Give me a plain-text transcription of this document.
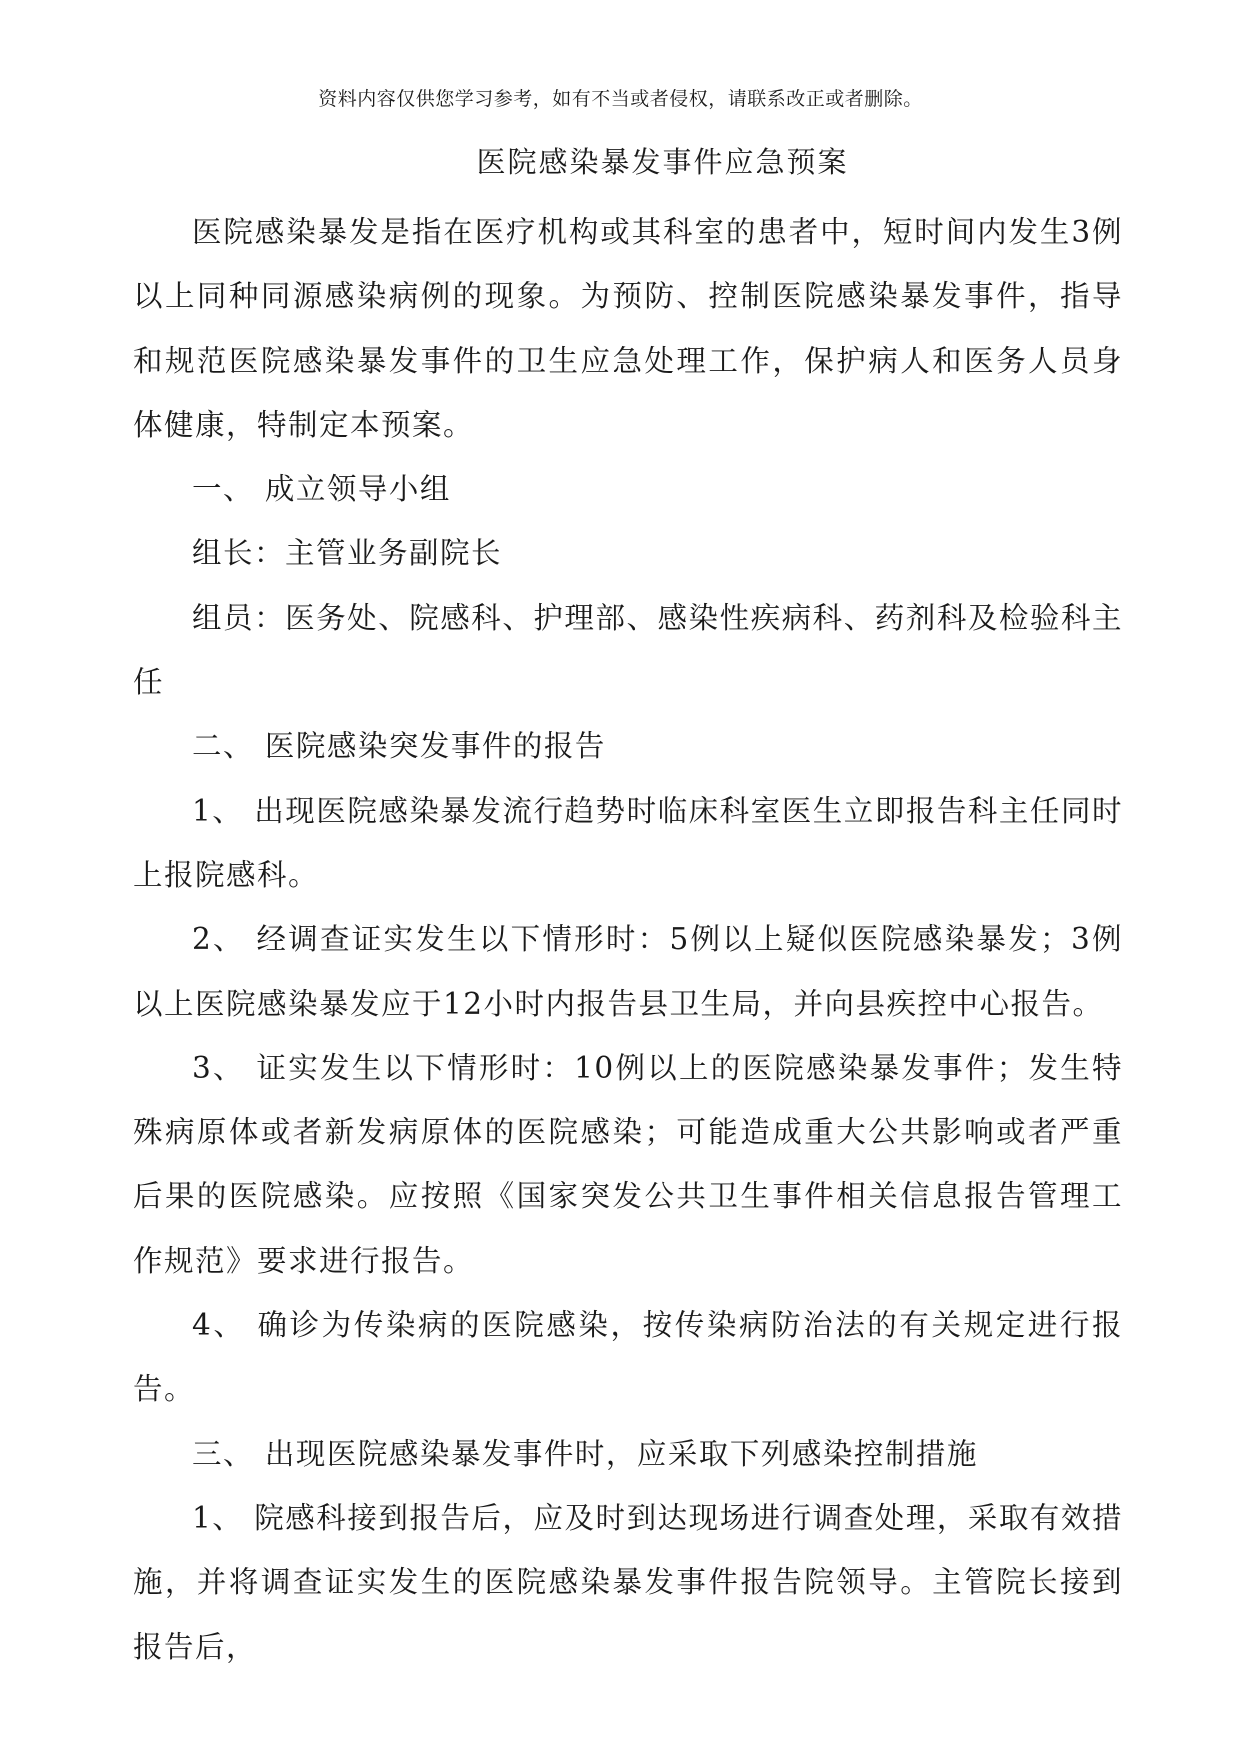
资料内容仅供您学习参考，如有不当或者侵权，请联系改正或者删除。
医院感染暴发事件应急预案

医院感染暴发是指在医疗机构或其科室的患者中，短时间内发生3例以上同种同源感染病例的现象。为预防、控制医院感染暴发事件，指导和规范医院感染暴发事件的卫生应急处理工作，保护病人和医务人员身体健康，特制定本预案。

一、 成立领导小组

组长：主管业务副院长

组员：医务处、院感科、护理部、感染性疾病科、药剂科及检验科主任

二、 医院感染突发事件的报告

1、 出现医院感染暴发流行趋势时临床科室医生立即报告科主任同时上报院感科。

2、 经调查证实发生以下情形时：5例以上疑似医院感染暴发；3例以上医院感染暴发应于12小时内报告县卫生局，并向县疾控中心报告。

3、 证实发生以下情形时：10例以上的医院感染暴发事件；发生特殊病原体或者新发病原体的医院感染；可能造成重大公共影响或者严重后果的医院感染。应按照《国家突发公共卫生事件相关信息报告管理工作规范》要求进行报告。

4、 确诊为传染病的医院感染，按传染病防治法的有关规定进行报告。

三、 出现医院感染暴发事件时，应采取下列感染控制措施

1、 院感科接到报告后，应及时到达现场进行调查处理，采取有效措施，并将调查证实发生的医院感染暴发事件报告院领导。主管院长接到报告后，
